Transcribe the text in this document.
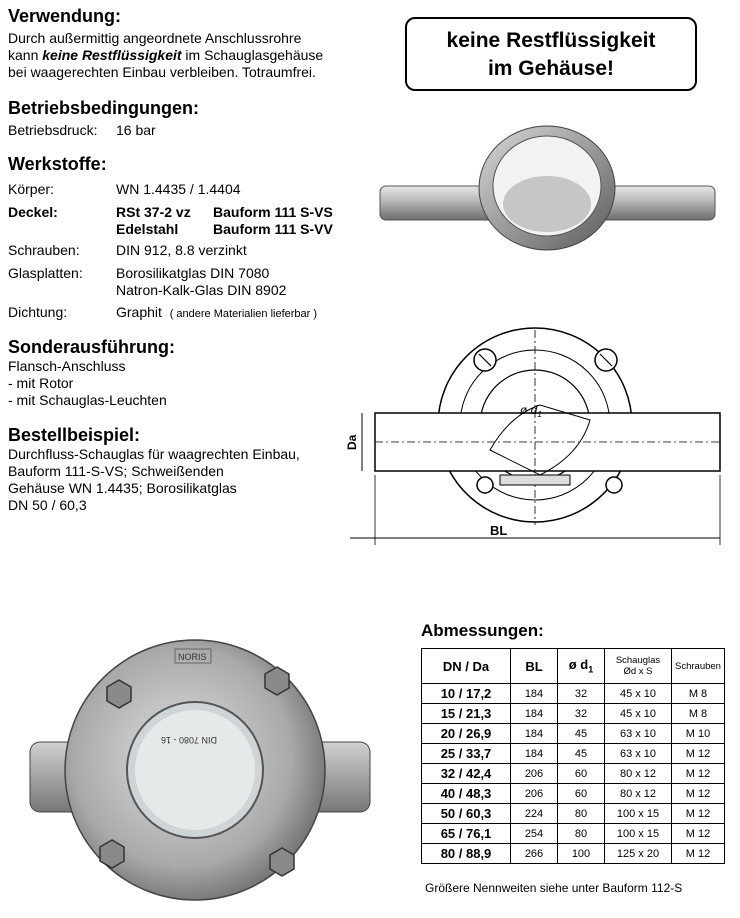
Verwendung:
Durch außermittig angeordnete Anschlussrohre
kann keine Restflüssigkeit im Schauglasgehäuse
bei waagerechten Einbau verbleiben. Totraumfrei.
keine Restflüssigkeit
im Gehäuse!
Betriebsbedingungen:
Betriebsdruck: 16 bar
Werkstoffe:
Körper:	WN 1.4435 / 1.4404
Deckel:	RSt 37-2 vz Bauform 111 S-VS
Edelstahl Bauform 111 S-VV
Schrauben:	DIN 912, 8.8 verzinkt
Glasplatten: Borosilikatglas DIN 7080
Natron-Kalk-Glas DIN 8902
Dichtung:	Graphit ( andere Materialien lieferbar )
Sonderausführung:
Flansch-Anschluss
- mit Rotor
- mit Schauglas-Leuchten
Bestellbeispiel:
Durchfluss-Schauglas für waagrechten Einbau,
Bauform 111-S-VS; Schweißenden
Gehäuse WN 1.4435; Borosilikatglas
DN 50 / 60,3
Da
BL
ø $d_1$
NORIS
DIN 7080 - 16
Abmessungen:
DN / Da	BL	ø $d_1$	Schauglas
Ød x S	Schrauben
10 / 17,2	184	32	45 x 10	M 8
15 / 21,3	184	32	45 x 10	M 8
20 / 26,9	184	45	63 x 10	M 10
25 / 33,7	184	45	63 x 10	M 12
32 / 42,4	206	60	80 x 12	M 12
40 / 48,3	206	60	80 x 12	M 12
50 / 60,3	224	80	100 x 15	M 12
65 / 76,1	254	80	100 x 15	M 12
80 / 88,9	266	100	125 x 20	M 12
Größere Nennweiten siehe unter Bauform 112-S
